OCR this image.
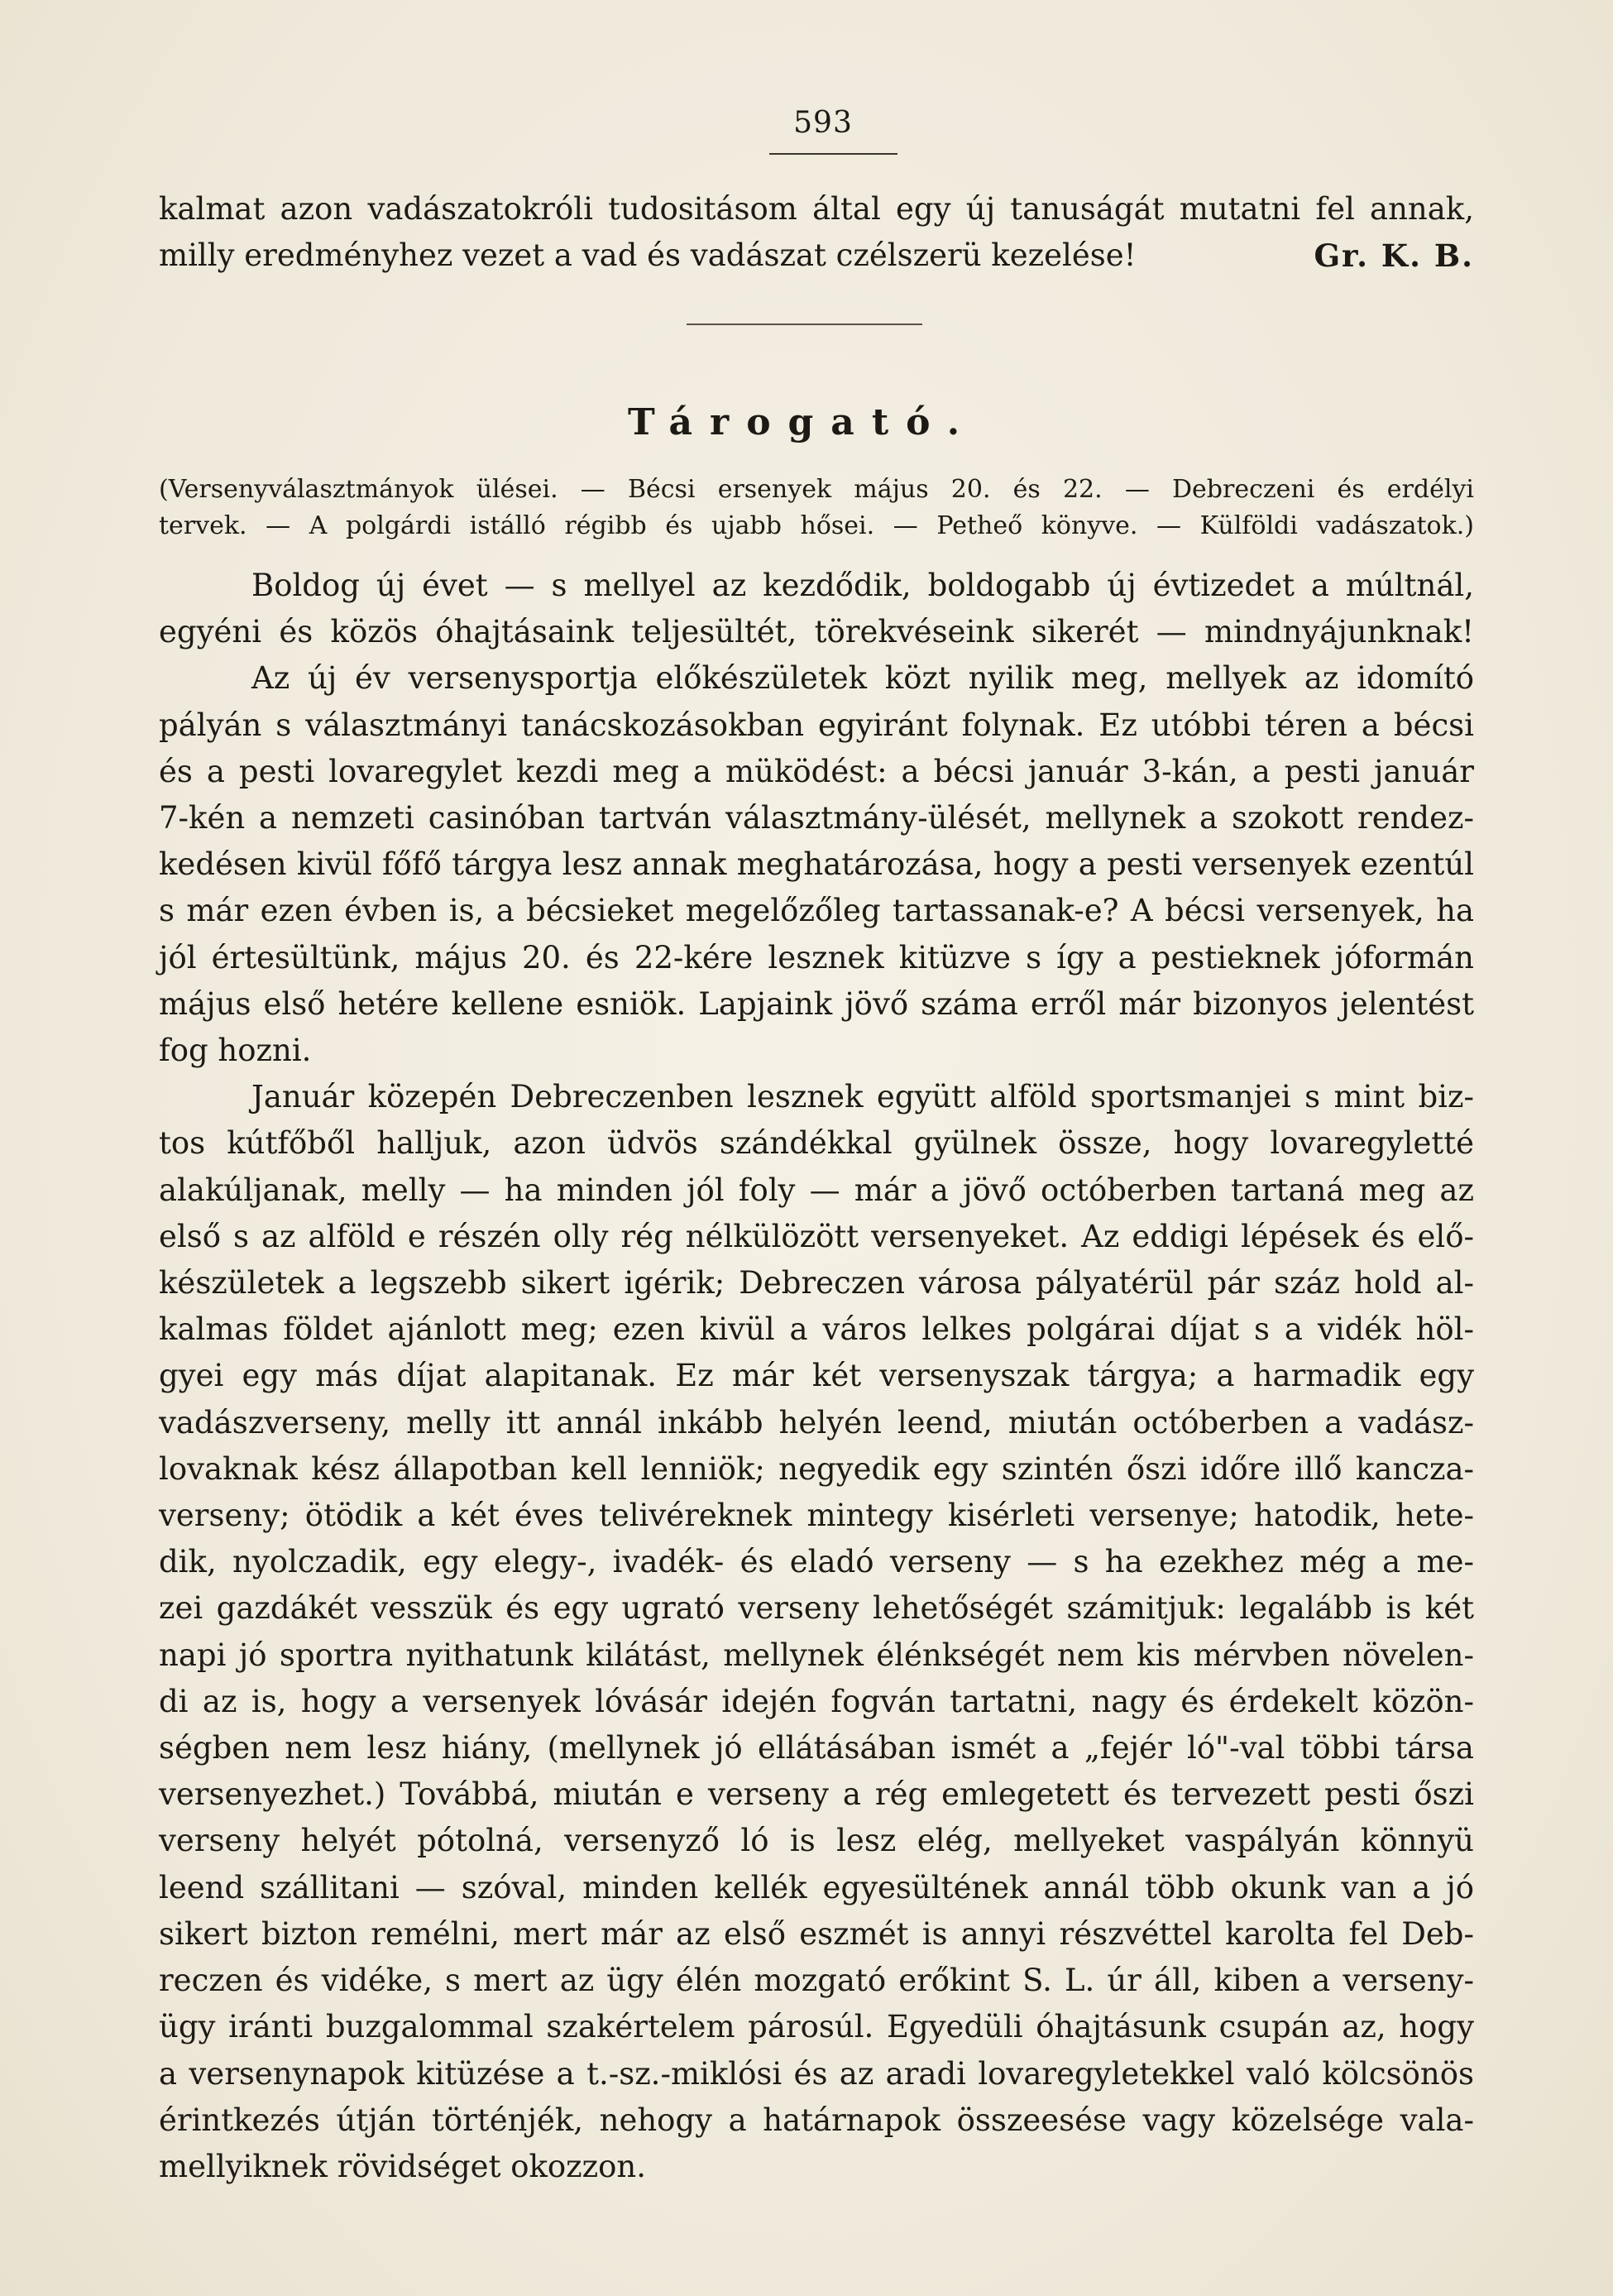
593
kalmat azon vadászatokróli tudositásom által egy új tanuságát mutatni fel annak,
milly eredményhez vezet a vad és vadászat czélszerü kezelése!	Gr. K. B.
Tárogató.
(Versenyválasztmányok ülései. — Bécsi ersenyek május 20. és 22. — Debreczeni és erdélyi
tervek. — A polgárdi istálló régibb és ujabb hősei. — Petheő könyve. — Külföldi vadászatok.)
Boldog új évet — s mellyel az kezdődik, boldogabb új évtizedet a múltnál,
egyéni és közös óhajtásaink teljesültét, törekvéseink sikerét — mindnyájunknak!
Az új év versenysportja előkészületek közt nyilik meg, mellyek az idomító
pályán s választmányi tanácskozásokban egyiránt folynak. Ez utóbbi téren a bécsi
és a pesti lovaregylet kezdi meg a müködést: a bécsi január 3-kán, a pesti január
7-kén a nemzeti casinóban tartván választmány-ülését, mellynek a szokott rendez-
kedésen kivül főfő tárgya lesz annak meghatározása, hogy a pesti versenyek ezentúl
s már ezen évben is, a bécsieket megelőzőleg tartassanak-e? A bécsi versenyek, ha
jól értesültünk, május 20. és 22-kére lesznek kitüzve s így a pestieknek jóformán
május első hetére kellene esniök. Lapjaink jövő száma erről már bizonyos jelentést
fog hozni.
Január közepén Debreczenben lesznek együtt alföld sportsmanjei s mint biz-
tos kútfőből halljuk, azon üdvös szándékkal gyülnek össze, hogy lovaregyletté
alakúljanak, melly — ha minden jól foly — már a jövő octóberben tartaná meg az
első s az alföld e részén olly rég nélkülözött versenyeket. Az eddigi lépések és elő-
készületek a legszebb sikert igérik; Debreczen városa pályatérül pár száz hold al-
kalmas földet ajánlott meg; ezen kivül a város lelkes polgárai díjat s a vidék höl-
gyei egy más díjat alapitanak. Ez már két versenyszak tárgya; a harmadik egy
vadászverseny, melly itt annál inkább helyén leend, miután octóberben a vadász-
lovaknak kész állapotban kell lenniök; negyedik egy szintén őszi időre illő kancza-
verseny; ötödik a két éves telivéreknek mintegy kisérleti versenye; hatodik, hete-
dik, nyolczadik, egy elegy-, ivadék- és eladó verseny — s ha ezekhez még a me-
zei gazdákét vesszük és egy ugrató verseny lehetőségét számitjuk: legalább is két
napi jó sportra nyithatunk kilátást, mellynek élénkségét nem kis mérvben növelen-
di az is, hogy a versenyek lóvásár idején fogván tartatni, nagy és érdekelt közön-
ségben nem lesz hiány, (mellynek jó ellátásában ismét a „fejér ló"-val többi társa
versenyezhet.) Továbbá, miután e verseny a rég emlegetett és tervezett pesti őszi
verseny helyét pótolná, versenyző ló is lesz elég, mellyeket vaspályán könnyü
leend szállitani — szóval, minden kellék egyesültének annál több okunk van a jó
sikert bizton remélni, mert már az első eszmét is annyi részvéttel karolta fel Deb-
reczen és vidéke, s mert az ügy élén mozgató erőkint S. L. úr áll, kiben a verseny-
ügy iránti buzgalommal szakértelem párosúl. Egyedüli óhajtásunk csupán az, hogy
a versenynapok kitüzése a t.-sz.-miklósi és az aradi lovaregyletekkel való kölcsönös
érintkezés útján történjék, nehogy a határnapok összeesése vagy közelsége vala-
mellyiknek rövidséget okozzon.
